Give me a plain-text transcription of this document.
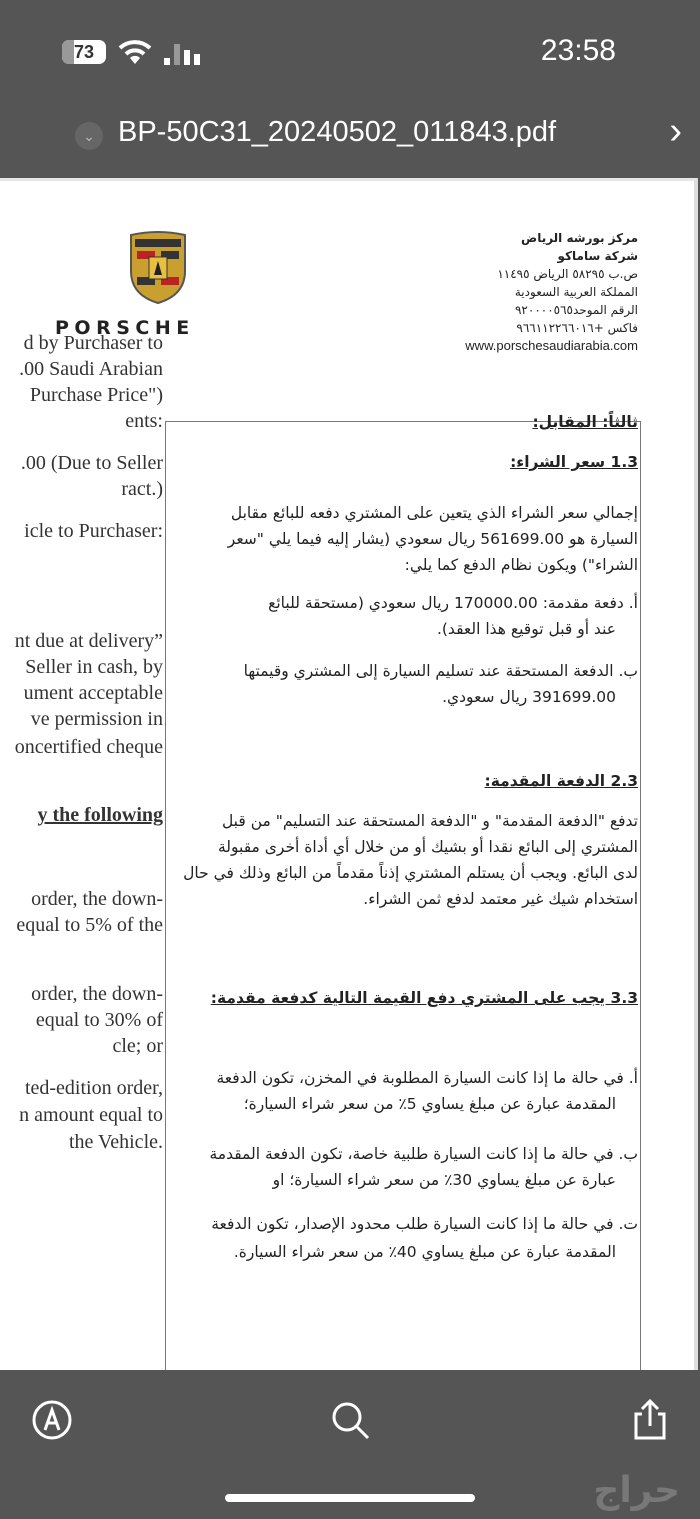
73	23:58
⌄ BP-50C31_20240502_011843.pdf	›
PORSCHE
مركز بورشه الرياض
شركة ساماكو
ص.ب ٥٨٢٩٥ الرياض ١١٤٩٥
المملكة العربية السعودية
الرقم الموحد٩٢٠٠٠٠٥٦٥
فاكس +٩٦٦١١٢٢٦٦٠١٦
www.porschesaudiarabia.com
d by Purchaser to
.00 Saudi Arabian
Purchase Price")
ents:
.00 (Due to Seller
ract.)
icle to Purchaser:
nt due at delivery”
Seller in cash, by
ument acceptable
ve permission in
oncertified cheque
y the following
order, the down-
equal to 5% of the
order, the down-
equal to 30% of
cle; or
ted-edition order,
n amount equal to
the Vehicle.
ثالثاً: المقابل:
1.3 سعر الشراء:
إجمالي سعر الشراء الذي يتعين على المشتري دفعه للبائع مقابل
السيارة هو 561699.00 ريال سعودي (يشار إليه فيما يلي "سعر
الشراء") ويكون نظام الدفع كما يلي:
أ. دفعة مقدمة: 170000.00 ريال سعودي (مستحقة للبائع
عند أو قبل توقيع هذا العقد).
ب. الدفعة المستحقة عند تسليم السيارة إلى المشتري وقيمتها
391699.00 ريال سعودي.
2.3 الدفعة المقدمة:
تدفع "الدفعة المقدمة" و "الدفعة المستحقة عند التسليم" من قبل
المشتري إلى البائع نقدا أو بشيك أو من خلال أي أداة أخرى مقبولة
لدى البائع. ويجب أن يستلم المشتري إذناً مقدماً من البائع وذلك في حال
استخدام شيك غير معتمد لدفع ثمن الشراء.
3.3 يجب على المشتري دفع القيمة التالية كدفعة مقدمة:
أ. في حالة ما إذا كانت السيارة المطلوبة في المخزن، تكون الدفعة
المقدمة عبارة عن مبلغ يساوي 5٪ من سعر شراء السيارة؛
ب. في حالة ما إذا كانت السيارة طلبية خاصة، تكون الدفعة المقدمة
عبارة عن مبلغ يساوي 30٪ من سعر شراء السيارة؛ او
ت. في حالة ما إذا كانت السيارة طلب محدود الإصدار، تكون الدفعة
المقدمة عبارة عن مبلغ يساوي 40٪ من سعر شراء السيارة.
حراج
